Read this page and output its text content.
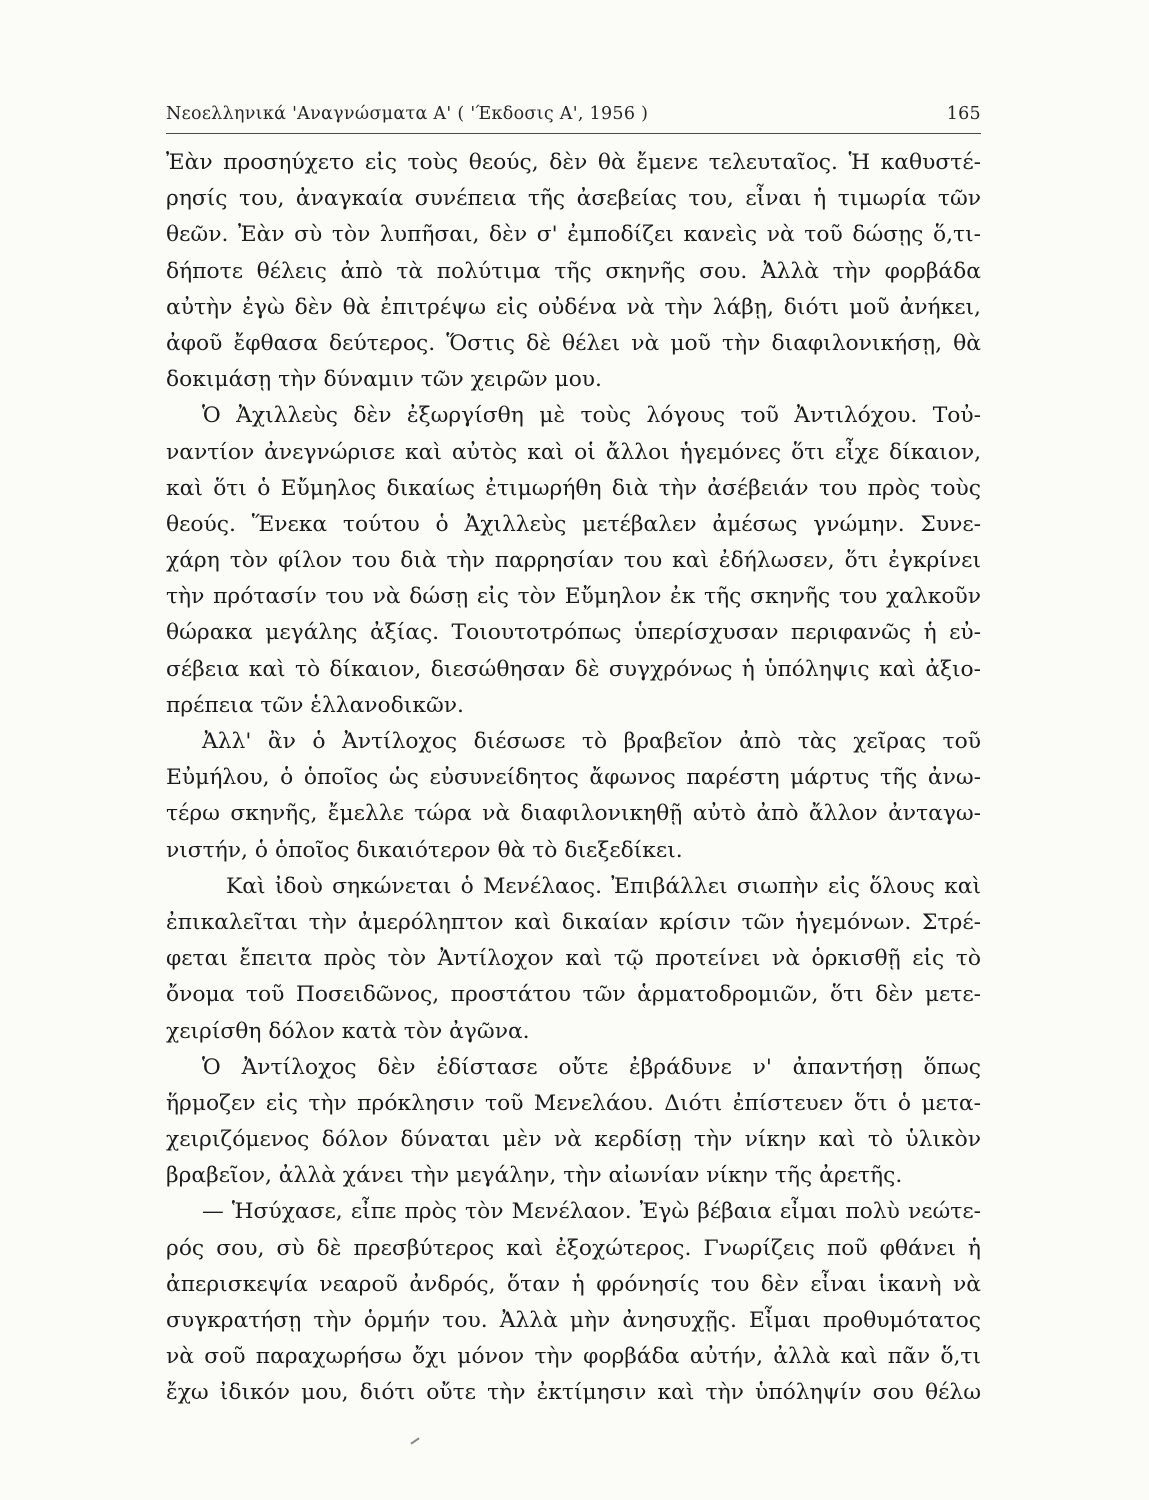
Νεοελληνικά 'Αναγνώσματα Α' ( 'Έκδοσις Α', 1956 )	165
Ἐὰν προσηύχετο εἰς τοὺς θεούς, δὲν θὰ ἔμενε τελευταῖος. Ἡ καθυστέ-
ρησίς του, ἀναγκαία συνέπεια τῆς ἀσεβείας του, εἶναι ἡ τιμωρία τῶν
θεῶν. Ἐὰν σὺ τὸν λυπῆσαι, δὲν σ' ἐμποδίζει κανεὶς νὰ τοῦ δώσῃς ὅ,τι-
δήποτε θέλεις ἀπὸ τὰ πολύτιμα τῆς σκηνῆς σου. Ἀλλὰ τὴν φορβάδα
αὐτὴν ἐγὼ δὲν θὰ ἐπιτρέψω εἰς οὐδένα νὰ τὴν λάβῃ, διότι μοῦ ἀνήκει,
ἀφοῦ ἔφθασα δεύτερος. Ὅστις δὲ θέλει νὰ μοῦ τὴν διαφιλονικήσῃ, θὰ
δοκιμάσῃ τὴν δύναμιν τῶν χειρῶν μου.
Ὁ Ἀχιλλεὺς δὲν ἐξωργίσθη μὲ τοὺς λόγους τοῦ Ἀντιλόχου. Τοὐ-
ναντίον ἀνεγνώρισε καὶ αὐτὸς καὶ οἱ ἄλλοι ἡγεμόνες ὅτι εἶχε δίκαιον,
καὶ ὅτι ὁ Εὔμηλος δικαίως ἐτιμωρήθη διὰ τὴν ἀσέβειάν του πρὸς τοὺς
θεούς. Ἕνεκα τούτου ὁ Ἀχιλλεὺς μετέβαλεν ἀμέσως γνώμην. Συνε-
χάρη τὸν φίλον του διὰ τὴν παρρησίαν του καὶ ἐδήλωσεν, ὅτι ἐγκρίνει
τὴν πρότασίν του νὰ δώσῃ εἰς τὸν Εὔμηλον ἐκ τῆς σκηνῆς του χαλκοῦν
θώρακα μεγάλης ἀξίας. Τοιουτοτρόπως ὑπερίσχυσαν περιφανῶς ἡ εὐ-
σέβεια καὶ τὸ δίκαιον, διεσώθησαν δὲ συγχρόνως ἡ ὑπόληψις καὶ ἀξιο-
πρέπεια τῶν ἑλλανοδικῶν.
Ἀλλ' ἂν ὁ Ἀντίλοχος διέσωσε τὸ βραβεῖον ἀπὸ τὰς χεῖρας τοῦ
Εὐμήλου, ὁ ὁποῖος ὡς εὐσυνείδητος ἄφωνος παρέστη μάρτυς τῆς ἀνω-
τέρω σκηνῆς, ἔμελλε τώρα νὰ διαφιλονικηθῇ αὐτὸ ἀπὸ ἄλλον ἀνταγω-
νιστήν, ὁ ὁποῖος δικαιότερον θὰ τὸ διεξεδίκει.
Καὶ ἰδοὺ σηκώνεται ὁ Μενέλαος. Ἐπιβάλλει σιωπὴν εἰς ὅλους καὶ
ἐπικαλεῖται τὴν ἀμερόληπτον καὶ δικαίαν κρίσιν τῶν ἡγεμόνων. Στρέ-
φεται ἔπειτα πρὸς τὸν Ἀντίλοχον καὶ τῷ προτείνει νὰ ὁρκισθῇ εἰς τὸ
ὄνομα τοῦ Ποσειδῶνος, προστάτου τῶν ἁρματοδρομιῶν, ὅτι δὲν μετε-
χειρίσθη δόλον κατὰ τὸν ἀγῶνα.
Ὁ Ἀντίλοχος δὲν ἐδίστασε οὔτε ἐβράδυνε ν' ἀπαντήσῃ ὅπως
ἥρμοζεν εἰς τὴν πρόκλησιν τοῦ Μενελάου. Διότι ἐπίστευεν ὅτι ὁ μετα-
χειριζόμενος δόλον δύναται μὲν νὰ κερδίσῃ τὴν νίκην καὶ τὸ ὑλικὸν
βραβεῖον, ἀλλὰ χάνει τὴν μεγάλην, τὴν αἰωνίαν νίκην τῆς ἀρετῆς.
— Ἡσύχασε, εἶπε πρὸς τὸν Μενέλαον. Ἐγὼ βέβαια εἶμαι πολὺ νεώτε-
ρός σου, σὺ δὲ πρεσβύτερος καὶ ἐξοχώτερος. Γνωρίζεις ποῦ φθάνει ἡ
ἀπερισκεψία νεαροῦ ἀνδρός, ὅταν ἡ φρόνησίς του δὲν εἶναι ἱκανὴ νὰ
συγκρατήσῃ τὴν ὁρμήν του. Ἀλλὰ μὴν ἀνησυχῇς. Εἶμαι προθυμότατος
νὰ σοῦ παραχωρήσω ὄχι μόνον τὴν φορβάδα αὐτήν, ἀλλὰ καὶ πᾶν ὅ,τι
ἔχω ἰδικόν μου, διότι οὔτε τὴν ἐκτίμησιν καὶ τὴν ὑπόληψίν σου θέλω
